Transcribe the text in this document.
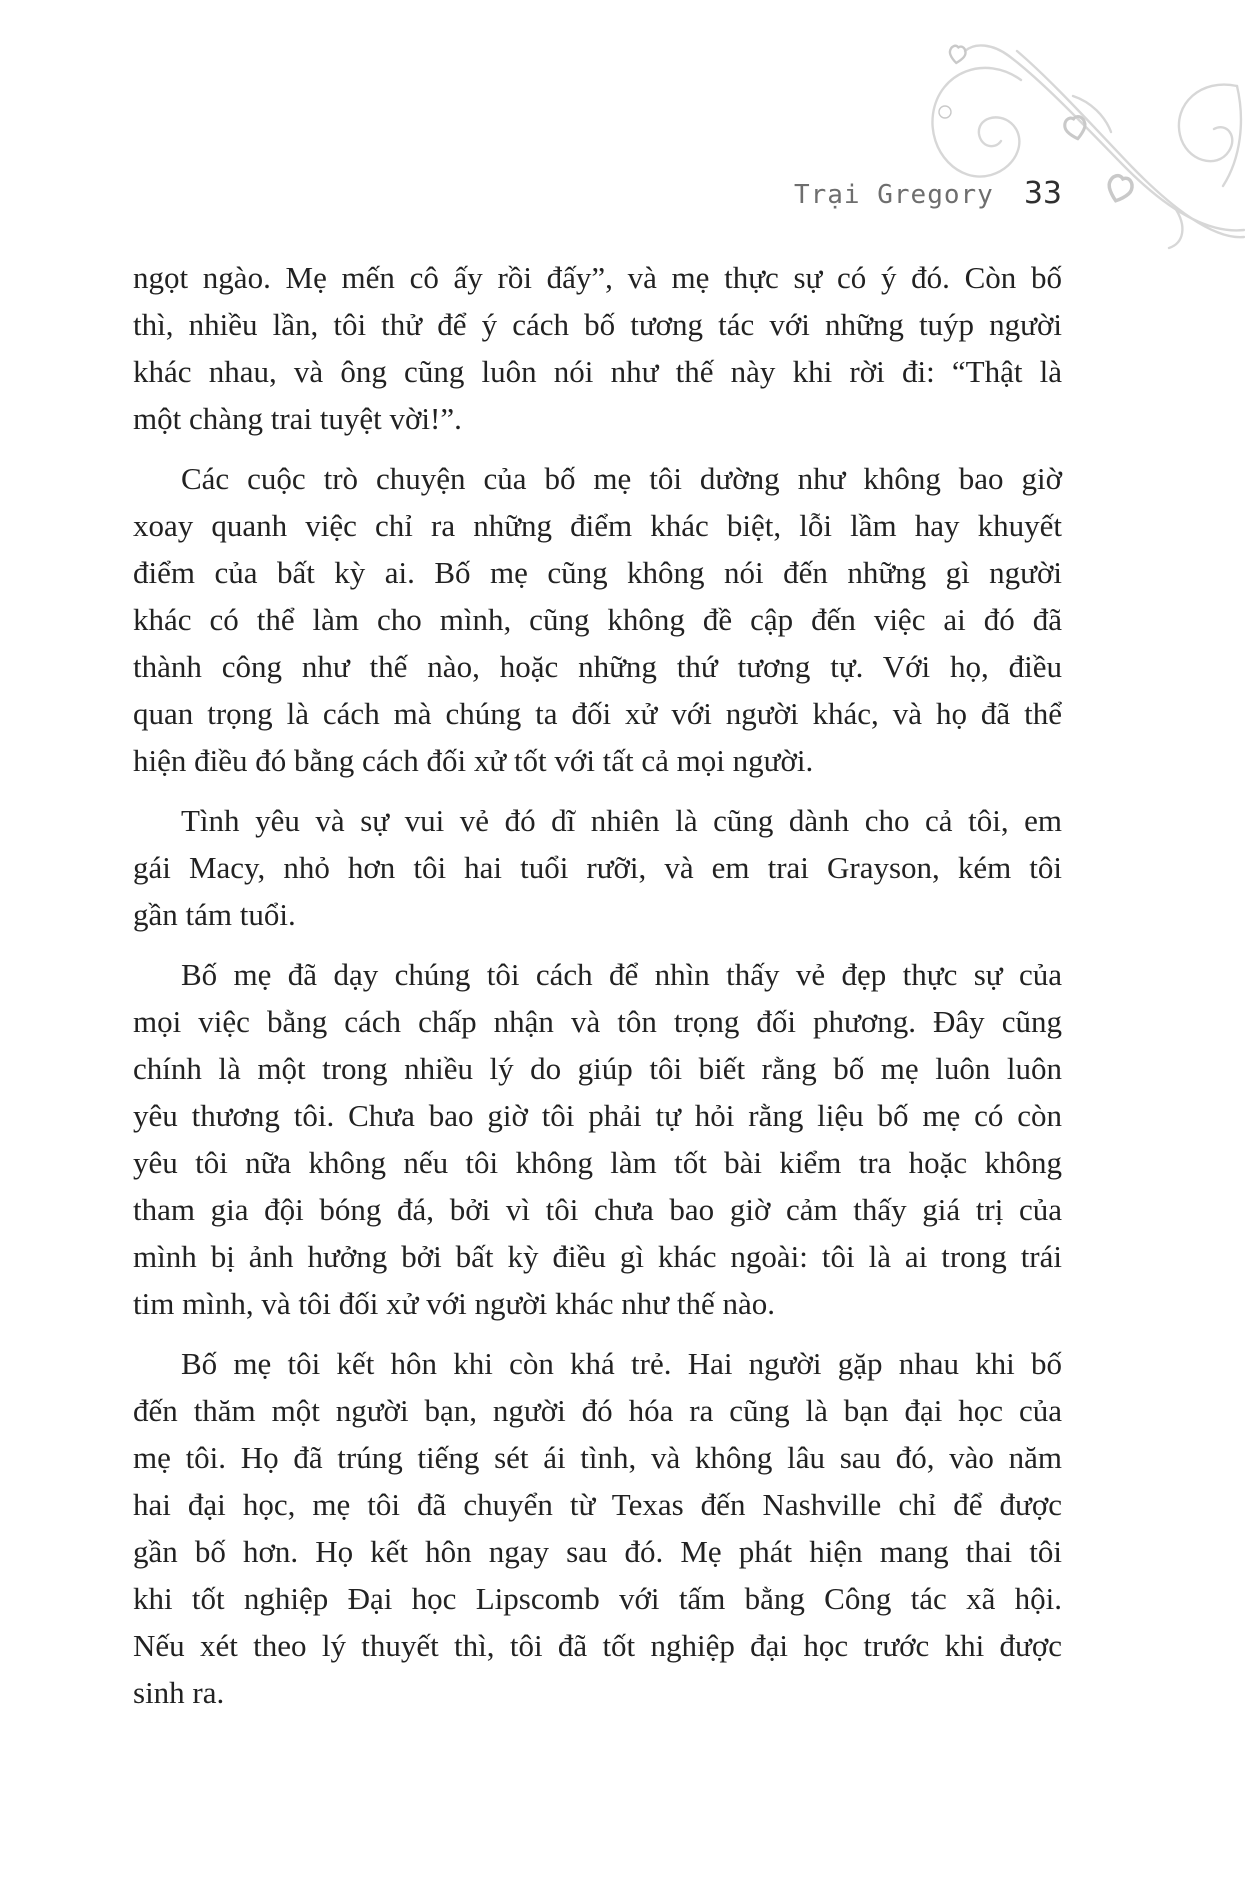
Trại Gregory 33
ngọt ngào. Mẹ mến cô ấy rồi đấy”, và mẹ thực sự có ý đó. Còn bố
thì, nhiều lần, tôi thử để ý cách bố tương tác với những tuýp người
khác nhau, và ông cũng luôn nói như thế này khi rời đi: “Thật là
một chàng trai tuyệt vời!”.
Các cuộc trò chuyện của bố mẹ tôi dường như không bao giờ
xoay quanh việc chỉ ra những điểm khác biệt, lỗi lầm hay khuyết
điểm của bất kỳ ai. Bố mẹ cũng không nói đến những gì người
khác có thể làm cho mình, cũng không đề cập đến việc ai đó đã
thành công như thế nào, hoặc những thứ tương tự. Với họ, điều
quan trọng là cách mà chúng ta đối xử với người khác, và họ đã thể
hiện điều đó bằng cách đối xử tốt với tất cả mọi người.
Tình yêu và sự vui vẻ đó dĩ nhiên là cũng dành cho cả tôi, em
gái Macy, nhỏ hơn tôi hai tuổi rưỡi, và em trai Grayson, kém tôi
gần tám tuổi.
Bố mẹ đã dạy chúng tôi cách để nhìn thấy vẻ đẹp thực sự của
mọi việc bằng cách chấp nhận và tôn trọng đối phương. Đây cũng
chính là một trong nhiều lý do giúp tôi biết rằng bố mẹ luôn luôn
yêu thương tôi. Chưa bao giờ tôi phải tự hỏi rằng liệu bố mẹ có còn
yêu tôi nữa không nếu tôi không làm tốt bài kiểm tra hoặc không
tham gia đội bóng đá, bởi vì tôi chưa bao giờ cảm thấy giá trị của
mình bị ảnh hưởng bởi bất kỳ điều gì khác ngoài: tôi là ai trong trái
tim mình, và tôi đối xử với người khác như thế nào.
Bố mẹ tôi kết hôn khi còn khá trẻ. Hai người gặp nhau khi bố
đến thăm một người bạn, người đó hóa ra cũng là bạn đại học của
mẹ tôi. Họ đã trúng tiếng sét ái tình, và không lâu sau đó, vào năm
hai đại học, mẹ tôi đã chuyển từ Texas đến Nashville chỉ để được
gần bố hơn. Họ kết hôn ngay sau đó. Mẹ phát hiện mang thai tôi
khi tốt nghiệp Đại học Lipscomb với tấm bằng Công tác xã hội.
Nếu xét theo lý thuyết thì, tôi đã tốt nghiệp đại học trước khi được
sinh ra.
